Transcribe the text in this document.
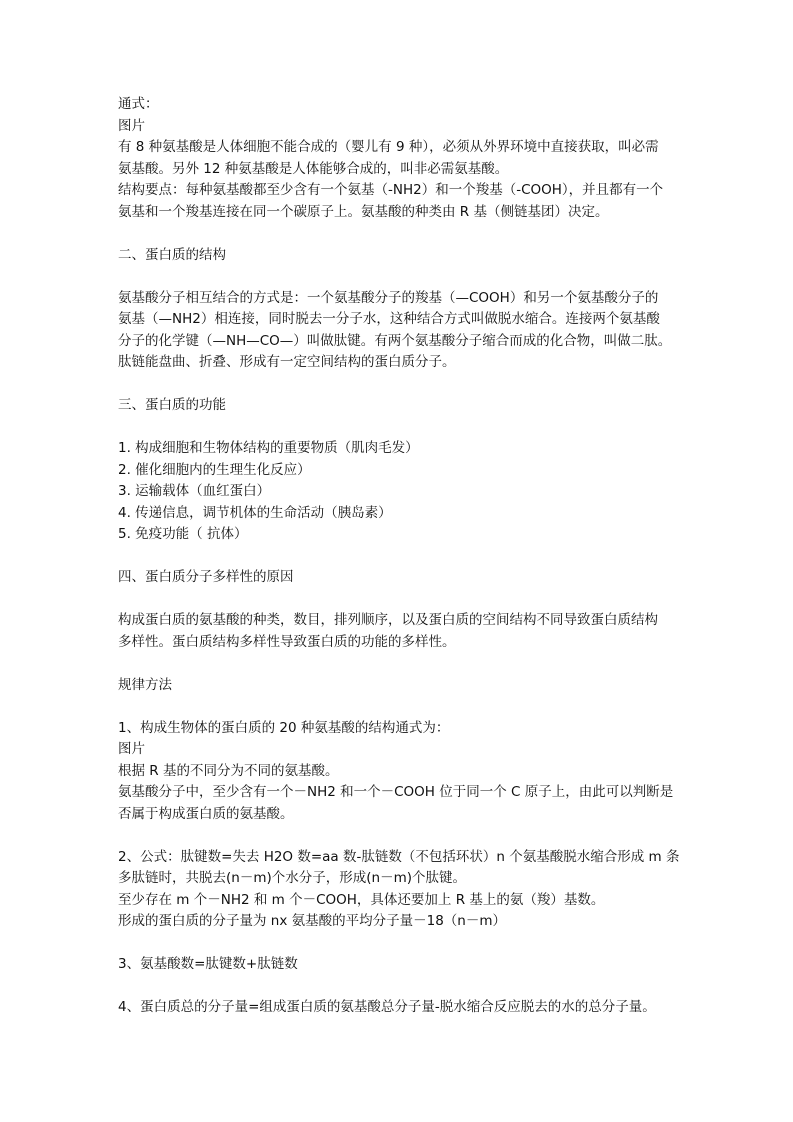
通式：
图片
有 8 种氨基酸是人体细胞不能合成的（婴儿有 9 种），必须从外界环境中直接获取，叫必需
氨基酸。另外 12 种氨基酸是人体能够合成的，叫非必需氨基酸。
结构要点：每种氨基酸都至少含有一个氨基（-NH2）和一个羧基（-COOH），并且都有一个
氨基和一个羧基连接在同一个碳原子上。氨基酸的种类由 R 基（侧链基团）决定。
二、蛋白质的结构
氨基酸分子相互结合的方式是：一个氨基酸分子的羧基（—COOH）和另一个氨基酸分子的
氨基（—NH2）相连接，同时脱去一分子水，这种结合方式叫做脱水缩合。连接两个氨基酸
分子的化学键（—NH—CO—）叫做肽键。有两个氨基酸分子缩合而成的化合物，叫做二肽。
肽链能盘曲、折叠、形成有一定空间结构的蛋白质分子。
三、蛋白质的功能
1. 构成细胞和生物体结构的重要物质（肌肉毛发）
2. 催化细胞内的生理生化反应）
3. 运输载体（血红蛋白）
4. 传递信息，调节机体的生命活动（胰岛素）
5. 免疫功能（ 抗体）
四、蛋白质分子多样性的原因
构成蛋白质的氨基酸的种类，数目，排列顺序，以及蛋白质的空间结构不同导致蛋白质结构
多样性。蛋白质结构多样性导致蛋白质的功能的多样性。
规律方法
1、构成生物体的蛋白质的 20 种氨基酸的结构通式为：
图片
根据 R 基的不同分为不同的氨基酸。
氨基酸分子中，至少含有一个－NH2 和一个－COOH 位于同一个 C 原子上，由此可以判断是
否属于构成蛋白质的氨基酸。
2、公式：肽键数=失去 H2O 数=aa 数-肽链数（不包括环状）n 个氨基酸脱水缩合形成 m 条
多肽链时，共脱去(n－m)个水分子，形成(n－m)个肽键。
至少存在 m 个－NH2 和 m 个－COOH，具体还要加上 R 基上的氨（羧）基数。
形成的蛋白质的分子量为 nx 氨基酸的平均分子量－18（n－m）
3、氨基酸数=肽键数+肽链数
4、蛋白质总的分子量=组成蛋白质的氨基酸总分子量-脱水缩合反应脱去的水的总分子量。
